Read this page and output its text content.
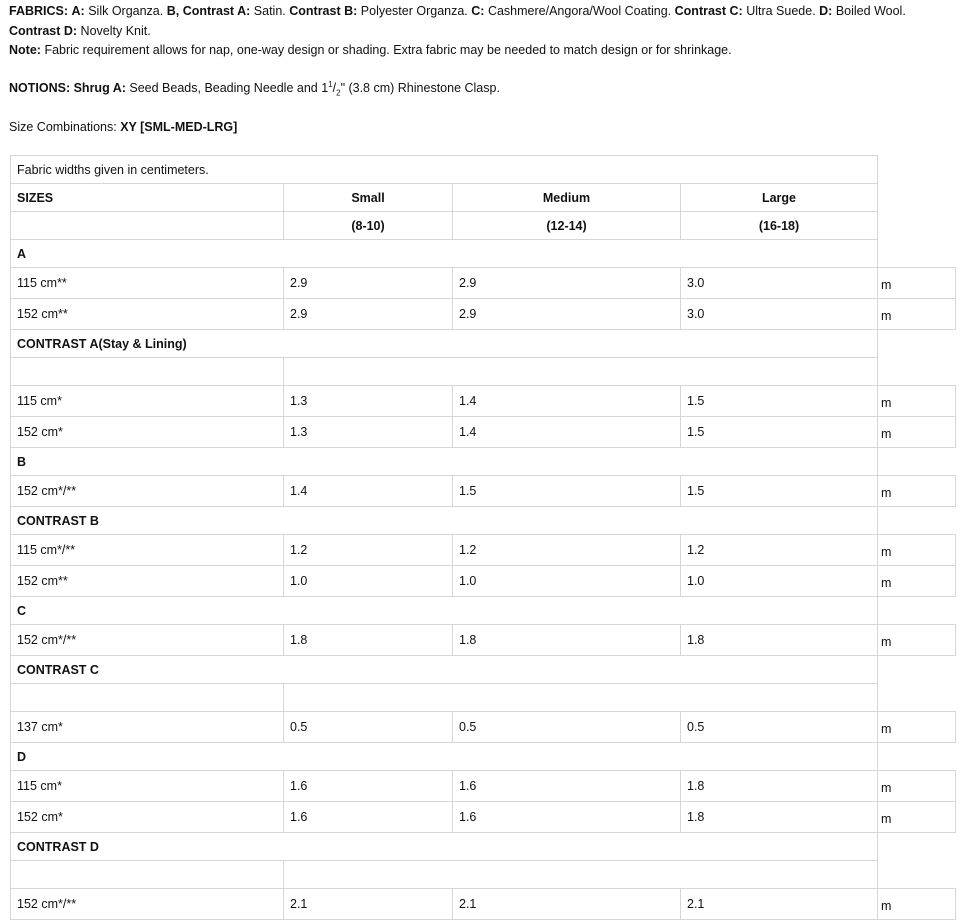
FABRICS: A: Silk Organza. B, Contrast A: Satin. Contrast B: Polyester Organza. C: Cashmere/Angora/Wool Coating. Contrast C: Ultra Suede. D: Boiled Wool.
Contrast D: Novelty Knit.
Note: Fabric requirement allows for nap, one-way design or shading. Extra fabric may be needed to match design or for shrinkage.
NOTIONS: Shrug A: Seed Beads, Beading Needle and $1^1/_2$" (3.8 cm) Rhinestone Clasp.
Size Combinations: XY [SML-MED-LRG]
Fabric widths given in centimeters.				
SIZES	Small	Medium	Large	
	(8-10)	(12-14)	(16-18)	
A				
115 cm**	2.9	2.9	3.0	m
152 cm**	2.9	2.9	3.0	m
CONTRAST A(Stay & Lining)				

115 cm*	1.3	1.4	1.5	m
152 cm*	1.3	1.4	1.5	m
B				
152 cm*/**	1.4	1.5	1.5	m
CONTRAST B				
115 cm*/**	1.2	1.2	1.2	m
152 cm**	1.0	1.0	1.0	m
C				
152 cm*/**	1.8	1.8	1.8	m
CONTRAST C				

137 cm*	0.5	0.5	0.5	m
D				
115 cm*	1.6	1.6	1.8	m
152 cm*	1.6	1.6	1.8	m
CONTRAST D				

152 cm*/**	2.1	2.1	2.1	m
